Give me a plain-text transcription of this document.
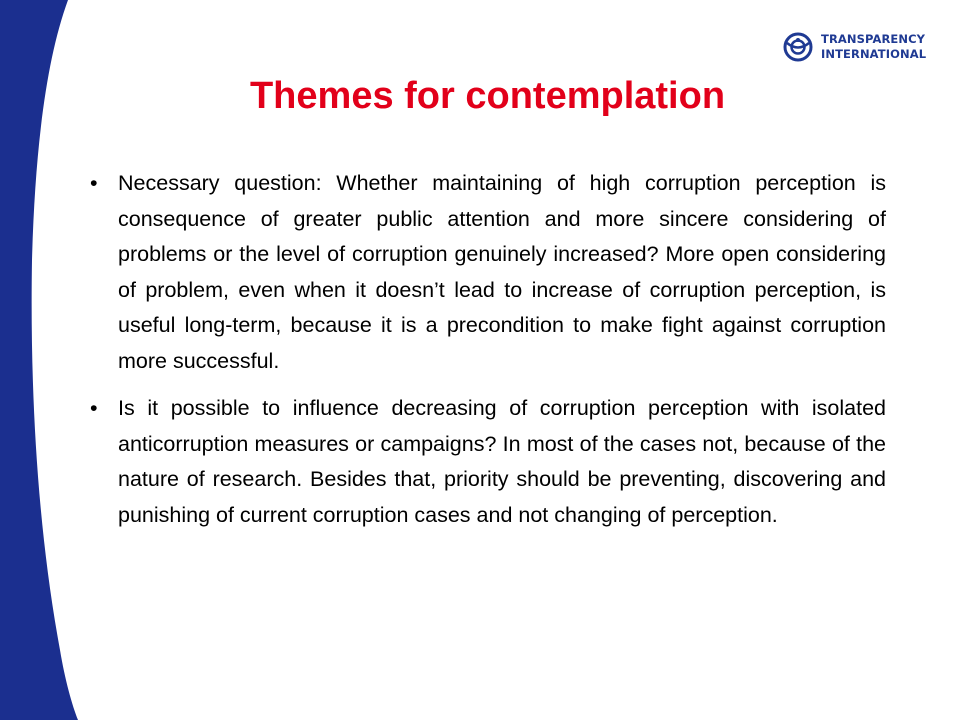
TRANSPARENCY
INTERNATIONAL
Themes for contemplation
• Necessary question: Whether maintaining of high corruption perception is consequence of greater public attention and more sincere considering of problems or the level of corruption genuinely increased? More open considering of problem, even when it doesn’t lead to increase of corruption perception, is useful long-term, because it is a precondition to make fight against corruption more successful.
• Is it possible to influence decreasing of corruption perception with isolated anticorruption measures or campaigns? In most of the cases not, because of the nature of research. Besides that, priority should be preventing, discovering and punishing of current corruption cases and not changing of perception.
